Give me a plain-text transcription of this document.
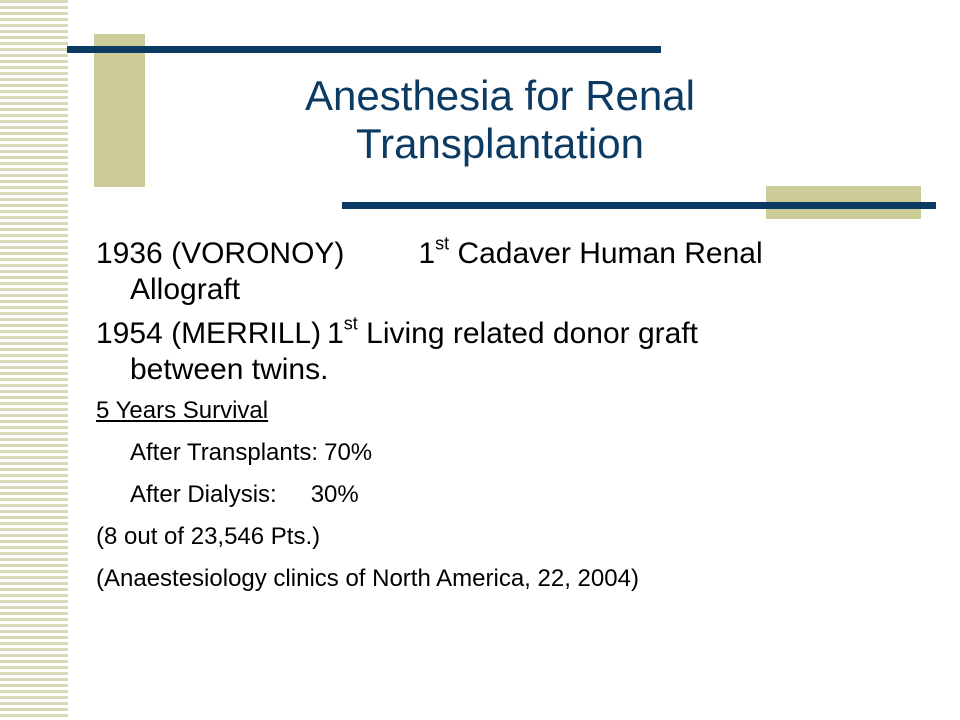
Anesthesia for Renal
Transplantation
1936 (VORONOY) 1st Cadaver Human Renal
Allograft
1954 (MERRILL) 1st Living related donor graft
between twins.
5 Years Survival
After Transplants: 70%
After Dialysis: 30%
(8 out of 23,546 Pts.)
(Anaestesiology clinics of North America, 22, 2004)
